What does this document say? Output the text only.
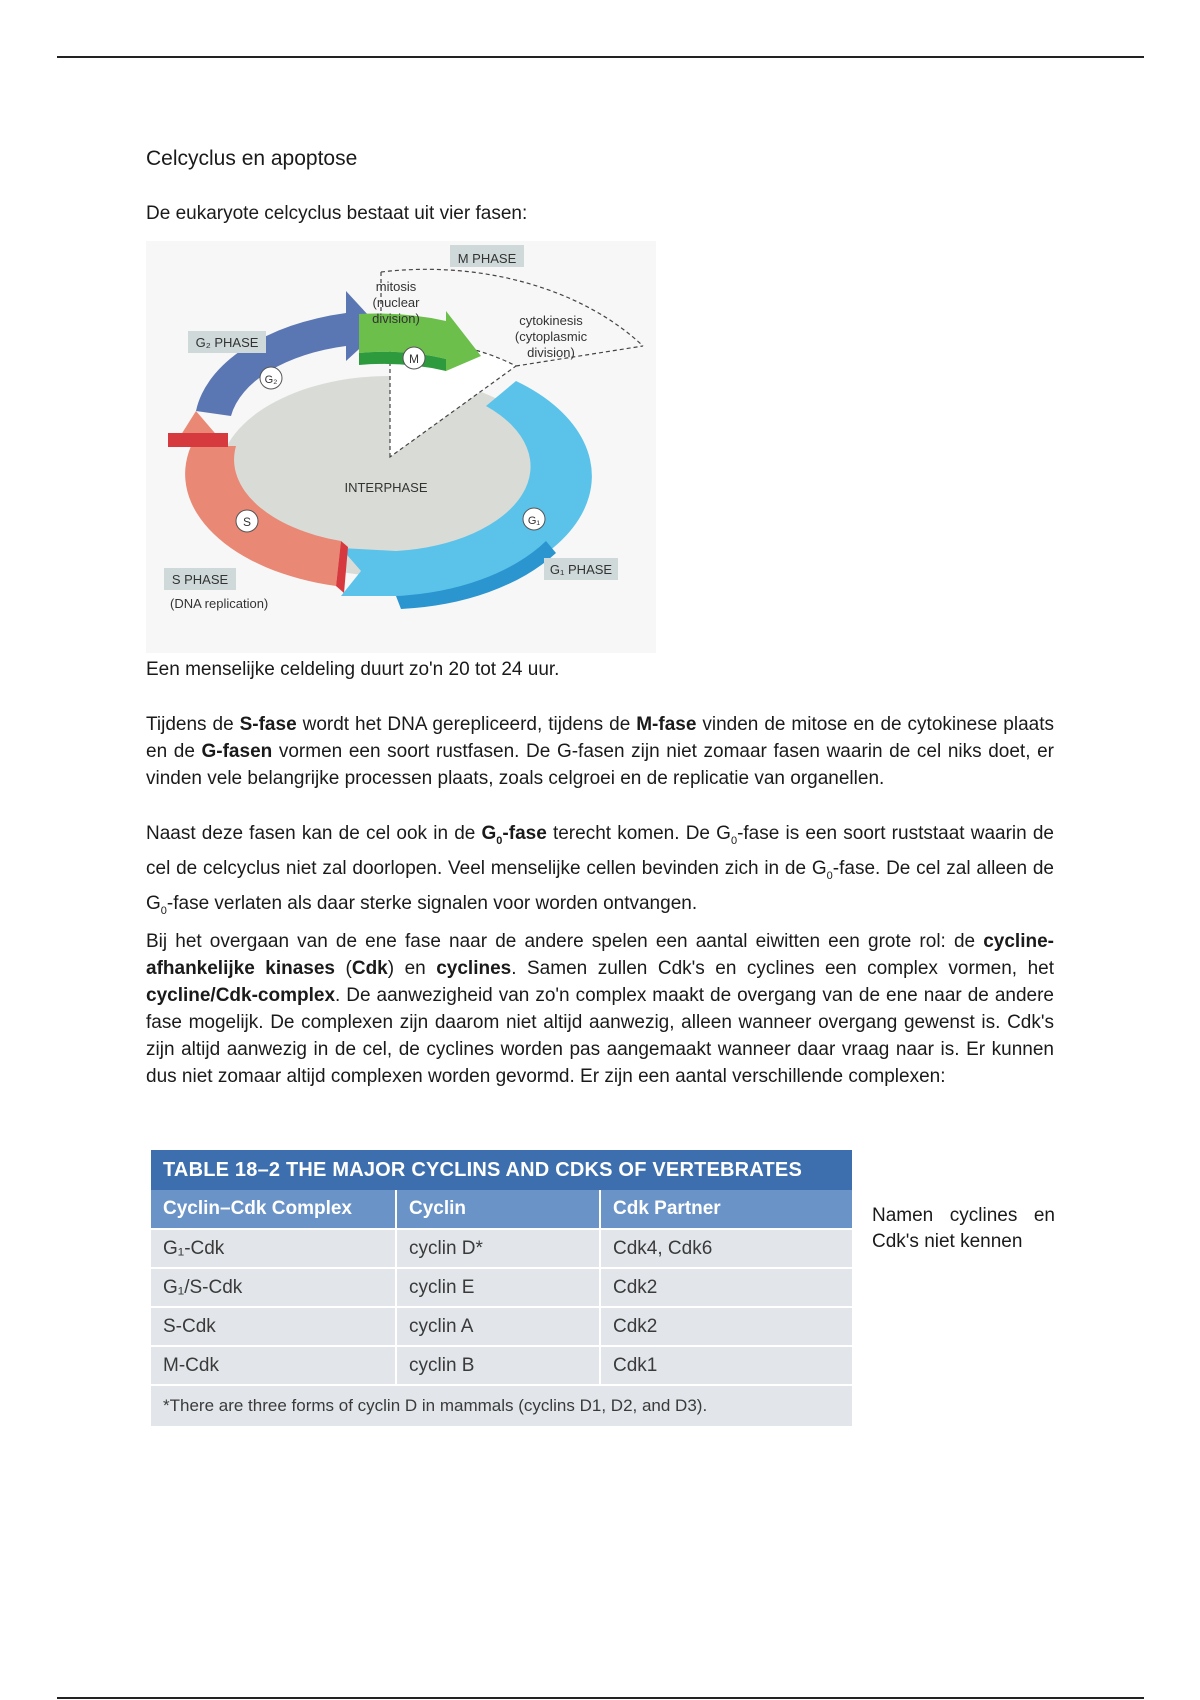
Celcyclus en apoptose
De eukaryote celcyclus bestaat uit vier fasen:
M PHASE
mitosis
(nuclear
division)	cytokinesis
(cytoplasmic
division)
G₂ PHASE
G₂
M
INTERPHASE
S	G₁
G₁ PHASE
S PHASE
(DNA replication)

Een menselijke celdeling duurt zo'n 20 tot 24 uur.

Tijdens de S-fase wordt het DNA gerepliceerd, tijdens de M-fase vinden de mitose en de cytokinese plaats en de G-fasen vormen een soort rustfasen. De G-fasen zijn niet zomaar fasen waarin de cel niks doet, er vinden vele belangrijke processen plaats, zoals celgroei en de replicatie van organellen.

Naast deze fasen kan de cel ook in de $G_0$-fase terecht komen. De $G_0$-fase is een soort ruststaat waarin de cel de celcyclus niet zal doorlopen. Veel menselijke cellen bevinden zich in de $G_0$-fase. De cel zal alleen de $G_0$-fase verlaten als daar sterke signalen voor worden ontvangen.

Bij het overgaan van de ene fase naar de andere spelen een aantal eiwitten een grote rol: de cycline-afhankelijke kinases (Cdk) en cyclines. Samen zullen Cdk's en cyclines een complex vormen, het cycline/Cdk-complex. De aanwezigheid van zo'n complex maakt de overgang van de ene naar de andere fase mogelijk. De complexen zijn daarom niet altijd aanwezig, alleen wanneer overgang gewenst is. Cdk's zijn altijd aanwezig in de cel, de cyclines worden pas aangemaakt wanneer daar vraag naar is. Er kunnen dus niet zomaar altijd complexen worden gevormd. Er zijn een aantal verschillende complexen:

TABLE 18–2 THE MAJOR CYCLINS AND CDKS OF VERTEBRATES		
Cyclin–Cdk Complex	Cyclin	Cdk Partner
G₁-Cdk	cyclin D*	Cdk4, Cdk6
G₁/S-Cdk	cyclin E	Cdk2
S-Cdk	cyclin A	Cdk2
M-Cdk	cyclin B	Cdk1
*There are three forms of cyclin D in mammals (cyclins D1, D2, and D3).		
Namen cyclines en Cdk's niet kennen
